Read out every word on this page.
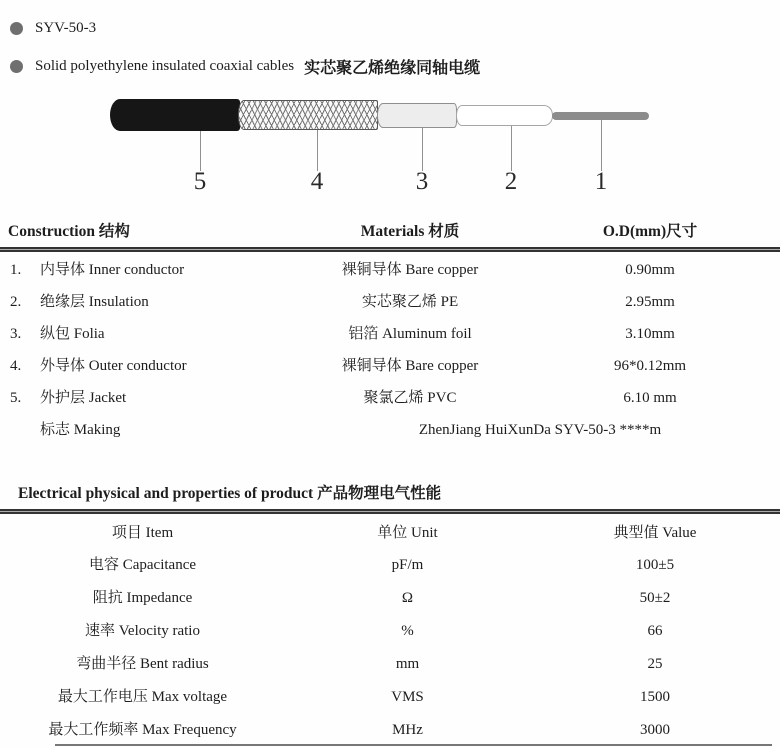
SYV-50-3
Solid polyethylene insulated coaxial cables 实芯聚乙烯绝缘同轴电缆
5	4	3	2	1
Construction 结构	Materials 材质	O.D(mm)尺寸
1. 内导体 Inner conductor	裸铜导体 Bare copper	0.90mm
2. 绝缘层 Insulation	实芯聚乙烯 PE	2.95mm
3. 纵包 Folia	铝箔 Aluminum foil	3.10mm
4. 外导体 Outer conductor	裸铜导体 Bare copper	96*0.12mm
5. 外护层 Jacket	聚氯乙烯 PVC	6.10 mm
标志 Making	ZhenJiang HuiXunDa SYV-50-3 ****m
Electrical physical and properties of product 产品物理电气性能
项目 Item	单位 Unit	典型值 Value
电容 Capacitance	pF/m	100±5
阻抗 Impedance	Ω	50±2
速率 Velocity ratio	%	66
弯曲半径 Bent radius	mm	25
最大工作电压 Max voltage	VMS	1500
最大工作频率 Max Frequency	MHz	3000
